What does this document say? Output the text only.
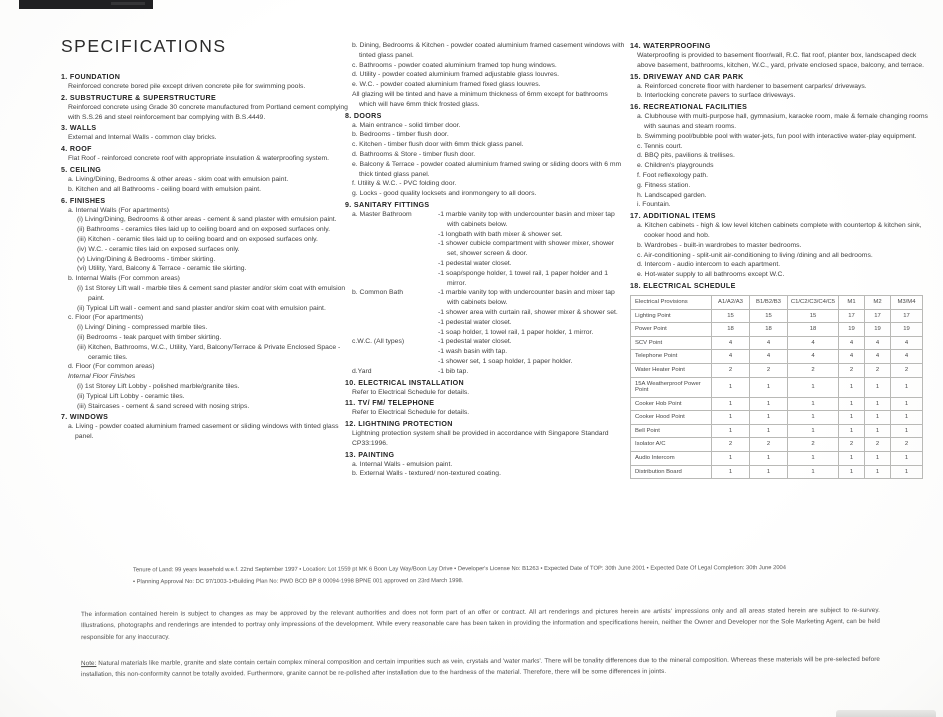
SPECIFICATIONS
1. FOUNDATION
Reinforced concrete bored pile except driven concrete pile for swimming pools.
2. SUBSTRUCTURE & SUPERSTRUCTURE
Reinforced concrete using Grade 30 concrete manufactured from Portland cement complying with S.S.26 and steel reinforcement bar complying with B.S.4449.
3. WALLS
External and Internal Walls - common clay bricks.
4. ROOF
Flat Roof - reinforced concrete roof with appropriate insulation & waterproofing system.
5. CEILING
a. Living/Dining, Bedrooms & other areas - skim coat with emulsion paint.
b. Kitchen and all Bathrooms - ceiling board with emulsion paint.
6. FINISHES
a. Internal Walls (For apartments)
(i) Living/Dining, Bedrooms & other areas - cement & sand plaster with emulsion paint.
(ii) Bathrooms - ceramics tiles laid up to ceiling board and on exposed surfaces only.
(iii) Kitchen - ceramic tiles laid up to ceiling board and on exposed surfaces only.
(iv) W.C. - ceramic tiles laid on exposed surfaces only.
(v) Living/Dining & Bedrooms - timber skirting.
(vi) Utility, Yard, Balcony & Terrace - ceramic tile skirting.
b. Internal Walls (For common areas)
(i) 1st Storey Lift wall - marble tiles & cement sand plaster and/or skim coat with emulsion paint.
(ii) Typical Lift wall - cement and sand plaster and/or skim coat with emulsion paint.
c. Floor (For apartments)
(i) Living/ Dining - compressed marble tiles.
(ii) Bedrooms - teak parquet with timber skirting.
(iii) Kitchen, Bathrooms, W.C., Utility, Yard, Balcony/Terrace & Private Enclosed Space - ceramic tiles.
d. Floor (For common areas)
Internal Floor Finishes
(i) 1st Storey Lift Lobby - polished marble/granite tiles.
(ii) Typical Lift Lobby - ceramic tiles.
(iii) Staircases - cement & sand screed with nosing strips.
7. WINDOWS
a. Living - powder coated aluminium framed casement or sliding windows with tinted glass panel.
b. Dining, Bedrooms & Kitchen - powder coated aluminium framed casement windows with tinted glass panel.
c. Bathrooms - powder coated aluminium framed top hung windows.
d. Utility - powder coated aluminium framed adjustable glass louvres.
e. W.C. - powder coated aluminium framed fixed glass louvres.
All glazing will be tinted and have a minimum thickness of 6mm except for bathrooms which will have 6mm thick frosted glass.
8. DOORS
a. Main entrance - solid timber door.
b. Bedrooms - timber flush door.
c. Kitchen - timber flush door with 6mm thick glass panel.
d. Bathrooms & Store - timber flush door.
e. Balcony & Terrace - powder coated aluminium framed swing or sliding doors with 6 mm thick tinted glass panel.
f. Utility & W.C. - PVC folding door.
g. Locks - good quality locksets and ironmongery to all doors.
9. SANITARY FITTINGS
a. Master Bathroom	-1 marble vanity top with undercounter basin and mixer tap with cabinets below.
-1 longbath with bath mixer & shower set.
-1 shower cubicle compartment with shower mixer, shower set, shower screen & door.
-1 pedestal water closet.
-1 soap/sponge holder, 1 towel rail, 1 paper holder and 1 mirror.
b. Common Bath	-1 marble vanity top with undercounter basin and mixer tap with cabinets below.
-1 shower area with curtain rail, shower mixer & shower set.
-1 pedestal water closet.
-1 soap holder, 1 towel rail, 1 paper holder, 1 mirror.
c.W.C. (All types)	-1 pedestal water closet.
-1 wash basin with tap.
-1 shower set, 1 soap holder, 1 paper holder.
d.Yard	-1 bib tap.
10. ELECTRICAL INSTALLATION
Refer to Electrical Schedule for details.
11. TV/ FM/ TELEPHONE
Refer to Electrical Schedule for details.
12. LIGHTNING PROTECTION
Lightning protection system shall be provided in accordance with Singapore Standard CP33:1996.
13. PAINTING
a. Internal Walls - emulsion paint.
b. External Walls - textured/ non-textured coating.
14. WATERPROOFING
Waterproofing is provided to basement floor/wall, R.C. flat roof, planter box, landscaped deck above basement, bathrooms, kitchen, W.C., yard, private enclosed space, balcony, and terrace.
15. DRIVEWAY AND CAR PARK
a. Reinforced concrete floor with hardener to basement carparks/ driveways.
b. Interlocking concrete pavers to surface driveways.
16. RECREATIONAL FACILITIES
a. Clubhouse with multi-purpose hall, gymnasium, karaoke room, male & female changing rooms with saunas and steam rooms.
b. Swimming pool/bubble pool with water-jets, fun pool with interactive water-play equipment.
c. Tennis court.
d. BBQ pits, pavilions & trellises.
e. Children's playgrounds
f. Foot reflexology path.
g. Fitness station.
h. Landscaped garden.
i. Fountain.
17. ADDITIONAL ITEMS
a. Kitchen cabinets - high & low level kitchen cabinets complete with countertop & kitchen sink, cooker hood and hob.
b. Wardrobes - built-in wardrobes to master bedrooms.
c. Air-conditioning - split-unit air-conditioning to living /dining and all bedrooms.
d. Intercom - audio intercom to each apartment.
e. Hot-water supply to all bathrooms except W.C.
18. ELECTRICAL SCHEDULE
Electrical Provisions	A1/A2/A3	B1/B2/B3	C1/C2/C3/C4/C5	M1	M2	M3/M4
Lighting Point	15	15	15	17	17	17
Power Point	18	18	18	19	19	19
SCV Point	4	4	4	4	4	4
Telephone Point	4	4	4	4	4	4
Water Heater Point	2	2	2	2	2	2
15A Weatherproof Power Point	1	1	1	1	1	1
Cooker Hob Point	1	1	1	1	1	1
Cooker Hood Point	1	1	1	1	1	1
Bell Point	1	1	1	1	1	1
Isolator A/C	2	2	2	2	2	2
Audio Intercom	1	1	1	1	1	1
Distribution Board	1	1	1	1	1	1
Tenure of Land: 99 years leasehold w.e.f. 22nd September 1997 • Location: Lot 1559 pt MK 6 Boon Lay Way/Boon Lay Drive • Developer's License No: B1263 • Expected Date of TOP: 30th June 2001 • Expected Date Of Legal Completion: 30th June 2004
• Planning Approval No: DC 97/1003-1•Building Plan No: PWD BCD BP 8 00094-1998 BPNE 001 approved on 23rd March 1998.
The information contained herein is subject to changes as may be approved by the relevant authorities and does not form part of an offer or contract. All art renderings and pictures herein are artists' impressions only and all areas stated herein are subject to re-survey. Illustrations, photographs and renderings are intended to portray only impressions of the development. While every reasonable care has been taken in providing the information and specifications herein, neither the Owner and Developer nor the Sole Marketing Agent, can be held responsible for any inaccuracy.
Note: Natural materials like marble, granite and slate contain certain complex mineral composition and certain impurities such as vein, crystals and 'water marks'. There will be tonality differences due to the mineral composition. Whereas these materials will be pre-selected before installation, this non-conformity cannot be totally avoided. Furthermore, granite cannot be re-polished after installation due to the hardness of the material. Therefore, there will be some differences in joints.
